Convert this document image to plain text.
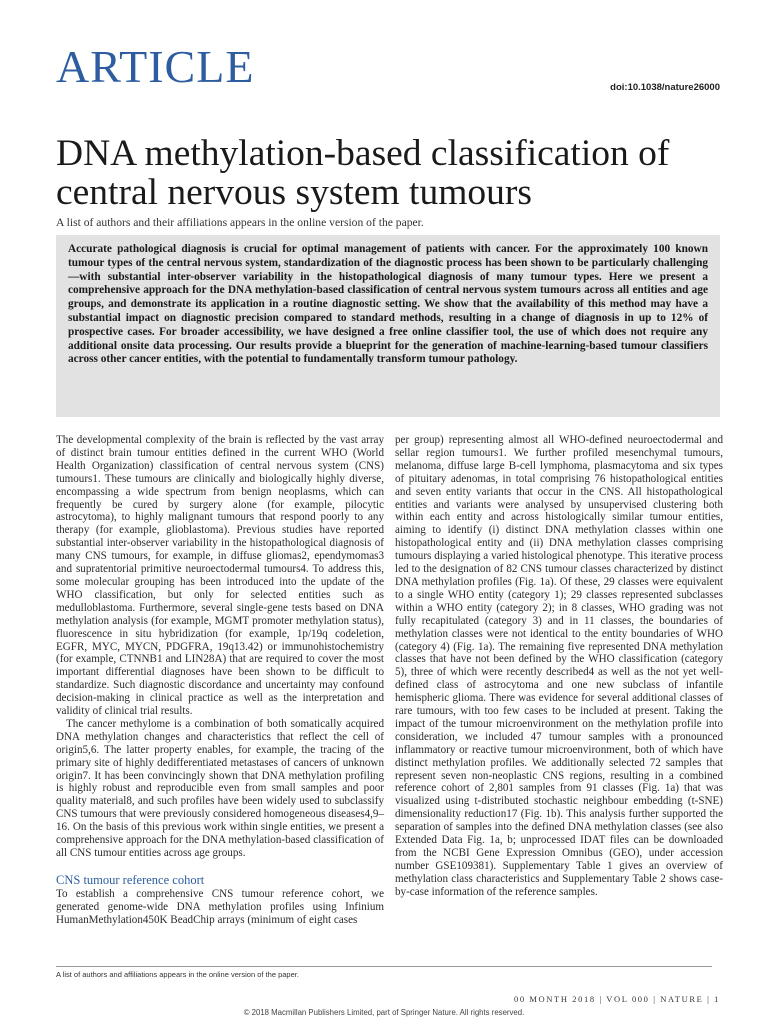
ARTICLE	doi:10.1038/nature26000
DNA methylation-based classification of central nervous system tumours
A list of authors and their affiliations appears in the online version of the paper.

Accurate pathological diagnosis is crucial for optimal management of patients with cancer. For the approximately 100 known tumour types of the central nervous system, standardization of the diagnostic process has been shown to be particularly challenging—with substantial inter-observer variability in the histopathological diagnosis of many tumour types. Here we present a comprehensive approach for the DNA methylation-based classification of central nervous system tumours across all entities and age groups, and demonstrate its application in a routine diagnostic setting. We show that the availability of this method may have a substantial impact on diagnostic precision compared to standard methods, resulting in a change of diagnosis in up to 12% of prospective cases. For broader accessibility, we have designed a free online classifier tool, the use of which does not require any additional onsite data processing. Our results provide a blueprint for the generation of machine-learning-based tumour classifiers across other cancer entities, with the potential to fundamentally transform tumour pathology.

The developmental complexity of the brain is reflected by the vast array of distinct brain tumour entities defined in the current WHO (World Health Organization) classification of central nervous system (CNS) tumours1. These tumours are clinically and biologically highly diverse, encompassing a wide spectrum from benign neoplasms, which can frequently be cured by surgery alone (for example, pilocytic astrocytoma), to highly malignant tumours that respond poorly to any therapy (for example, glioblastoma). Previous studies have reported substantial inter-observer variability in the histopathological diagnosis of many CNS tumours, for example, in diffuse gliomas2, ependymomas3 and supratentorial primitive neuroectodermal tumours4. To address this, some molecular grouping has been introduced into the update of the WHO classification, but only for selected entities such as medulloblastoma. Furthermore, several single-gene tests based on DNA methylation analysis (for example, MGMT promoter methylation status), fluorescence in situ hybridization (for example, 1p/19q codeletion, EGFR, MYC, MYCN, PDGFRA, 19q13.42) or immunohistochemistry (for example, CTNNB1 and LIN28A) that are required to cover the most important differential diagnoses have been shown to be difficult to standardize. Such diagnostic discordance and uncertainty may confound decision-making in clinical practice as well as the interpretation and validity of clinical trial results.

The cancer methylome is a combination of both somatically acquired DNA methylation changes and characteristics that reflect the cell of origin5,6. The latter property enables, for example, the tracing of the primary site of highly dedifferentiated metastases of cancers of unknown origin7. It has been convincingly shown that DNA methylation profiling is highly robust and reproducible even from small samples and poor quality material8, and such profiles have been widely used to subclassify CNS tumours that were previously considered homogeneous diseases4,9–16. On the basis of this previous work within single entities, we present a comprehensive approach for the DNA methylation-based classification of all CNS tumour entities across age groups.

CNS tumour reference cohort

To establish a comprehensive CNS tumour reference cohort, we generated genome-wide DNA methylation profiles using Infinium HumanMethylation450K BeadChip arrays (minimum of eight cases

per group) representing almost all WHO-defined neuroectodermal and sellar region tumours1. We further profiled mesenchymal tumours, melanoma, diffuse large B-cell lymphoma, plasmacytoma and six types of pituitary adenomas, in total comprising 76 histopathological entities and seven entity variants that occur in the CNS. All histopathological entities and variants were analysed by unsupervised clustering both within each entity and across histologically similar tumour entities, aiming to identify (i) distinct DNA methylation classes within one histopathological entity and (ii) DNA methylation classes comprising tumours displaying a varied histological phenotype. This iterative process led to the designation of 82 CNS tumour classes characterized by distinct DNA methylation profiles (Fig. 1a). Of these, 29 classes were equivalent to a single WHO entity (category 1); 29 classes represented subclasses within a WHO entity (category 2); in 8 classes, WHO grading was not fully recapitulated (category 3) and in 11 classes, the boundaries of methylation classes were not identical to the entity boundaries of WHO (category 4) (Fig. 1a). The remaining five represented DNA methylation classes that have not been defined by the WHO classification (category 5), three of which were recently described4 as well as the not yet well-defined class of astrocytoma and one new subclass of infantile hemispheric glioma. There was evidence for several additional classes of rare tumours, with too few cases to be included at present. Taking the impact of the tumour microenvironment on the methylation profile into consideration, we included 47 tumour samples with a pronounced inflammatory or reactive tumour microenvironment, both of which have distinct methylation profiles. We additionally selected 72 samples that represent seven non-neoplastic CNS regions, resulting in a combined reference cohort of 2,801 samples from 91 classes (Fig. 1a) that was visualized using t-distributed stochastic neighbour embedding (t-SNE) dimensionality reduction17 (Fig. 1b). This analysis further supported the separation of samples into the defined DNA methylation classes (see also Extended Data Fig. 1a, b; unprocessed IDAT files can be downloaded from the NCBI Gene Expression Omnibus (GEO), under accession number GSE109381). Supplementary Table 1 gives an overview of methylation class characteristics and Supplementary Table 2 shows case-by-case information of the reference samples.

A list of authors and affiliations appears in the online version of the paper.
00 MONTH 2018 | VOL 000 | NATURE | 1
© 2018 Macmillan Publishers Limited, part of Springer Nature. All rights reserved.
